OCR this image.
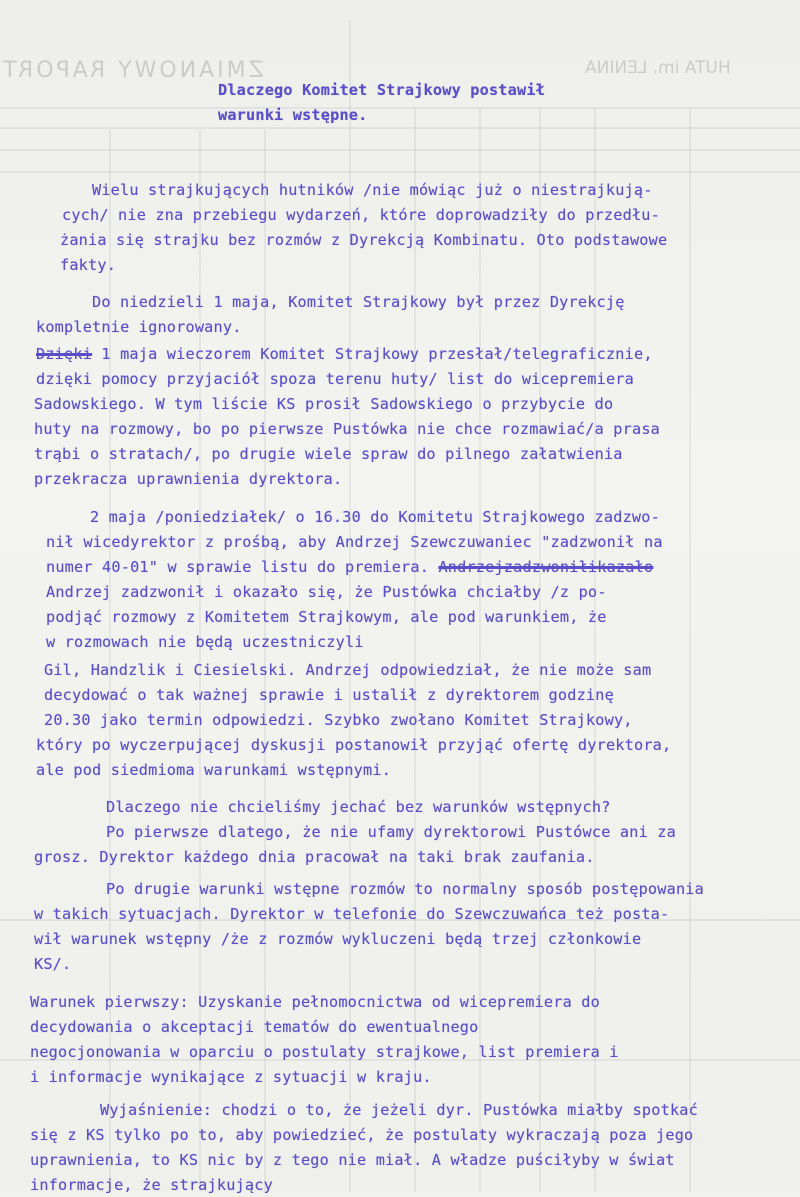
ZMIANOWY RAPORT	HUTA im. LENINA
Dlaczego Komitet Strajkowy postawił
warunki wstępne.
Wielu strajkujących hutników /nie mówiąc już o niestrajkują-
cych/ nie zna przebiegu wydarzeń, które doprowadziły do przedłu-
żania się strajku bez rozmów z Dyrekcją Kombinatu. Oto podstawowe
fakty.
Do niedzieli 1 maja, Komitet Strajkowy był przez Dyrekcję
kompletnie ignorowany.
Dzięki 1 maja wieczorem Komitet Strajkowy przesłał/telegraficznie,
dzięki pomocy przyjaciół spoza terenu huty/ list do wicepremiera
Sadowskiego. W tym liście KS prosił Sadowskiego o przybycie do
huty na rozmowy, bo po pierwsze Pustówka nie chce rozmawiać/a prasa
trąbi o stratach/, po drugie wiele spraw do pilnego załatwienia
przekracza uprawnienia dyrektora.
2 maja /poniedziałek/ o 16.30 do Komitetu Strajkowego zadzwo-
nił wicedyrektor z prośbą, aby Andrzej Szewczuwaniec "zadzwonił na
numer 40-01" w sprawie listu do premiera. Andrzejzadzwoniłikazało
Andrzej zadzwonił i okazało się, że Pustówka chciałby /z po-
podjąć rozmowy z Komitetem Strajkowym, ale pod warunkiem, że
w rozmowach nie będą uczestniczyli
Gil, Handzlik i Ciesielski. Andrzej odpowiedział, że nie może sam
decydować o tak ważnej sprawie i ustalił z dyrektorem godzinę
20.30 jako termin odpowiedzi. Szybko zwołano Komitet Strajkowy,
który po wyczerpującej dyskusji postanowił przyjąć ofertę dyrektora,
ale pod siedmioma warunkami wstępnymi.
Dlaczego nie chcieliśmy jechać bez warunków wstępnych?
Po pierwsze dlatego, że nie ufamy dyrektorowi Pustówce ani za
grosz. Dyrektor każdego dnia pracował na taki brak zaufania.
Po drugie warunki wstępne rozmów to normalny sposób postępowania
w takich sytuacjach. Dyrektor w telefonie do Szewczuwańca też posta-
wił warunek wstępny /że z rozmów wykluczeni będą trzej członkowie
KS/.
Warunek pierwszy: Uzyskanie pełnomocnictwa od wicepremiera do
decydowania o akceptacji tematów do ewentualnego
negocjonowania w oparciu o postulaty strajkowe, list premiera i
i informacje wynikające z sytuacji w kraju.
Wyjaśnienie: chodzi o to, że jeżeli dyr. Pustówka miałby spotkać
się z KS tylko po to, aby powiedzieć, że postulaty wykraczają poza jego
uprawnienia, to KS nic by z tego nie miał. A władze puściłyby w świat
informacje, że strajkujący
